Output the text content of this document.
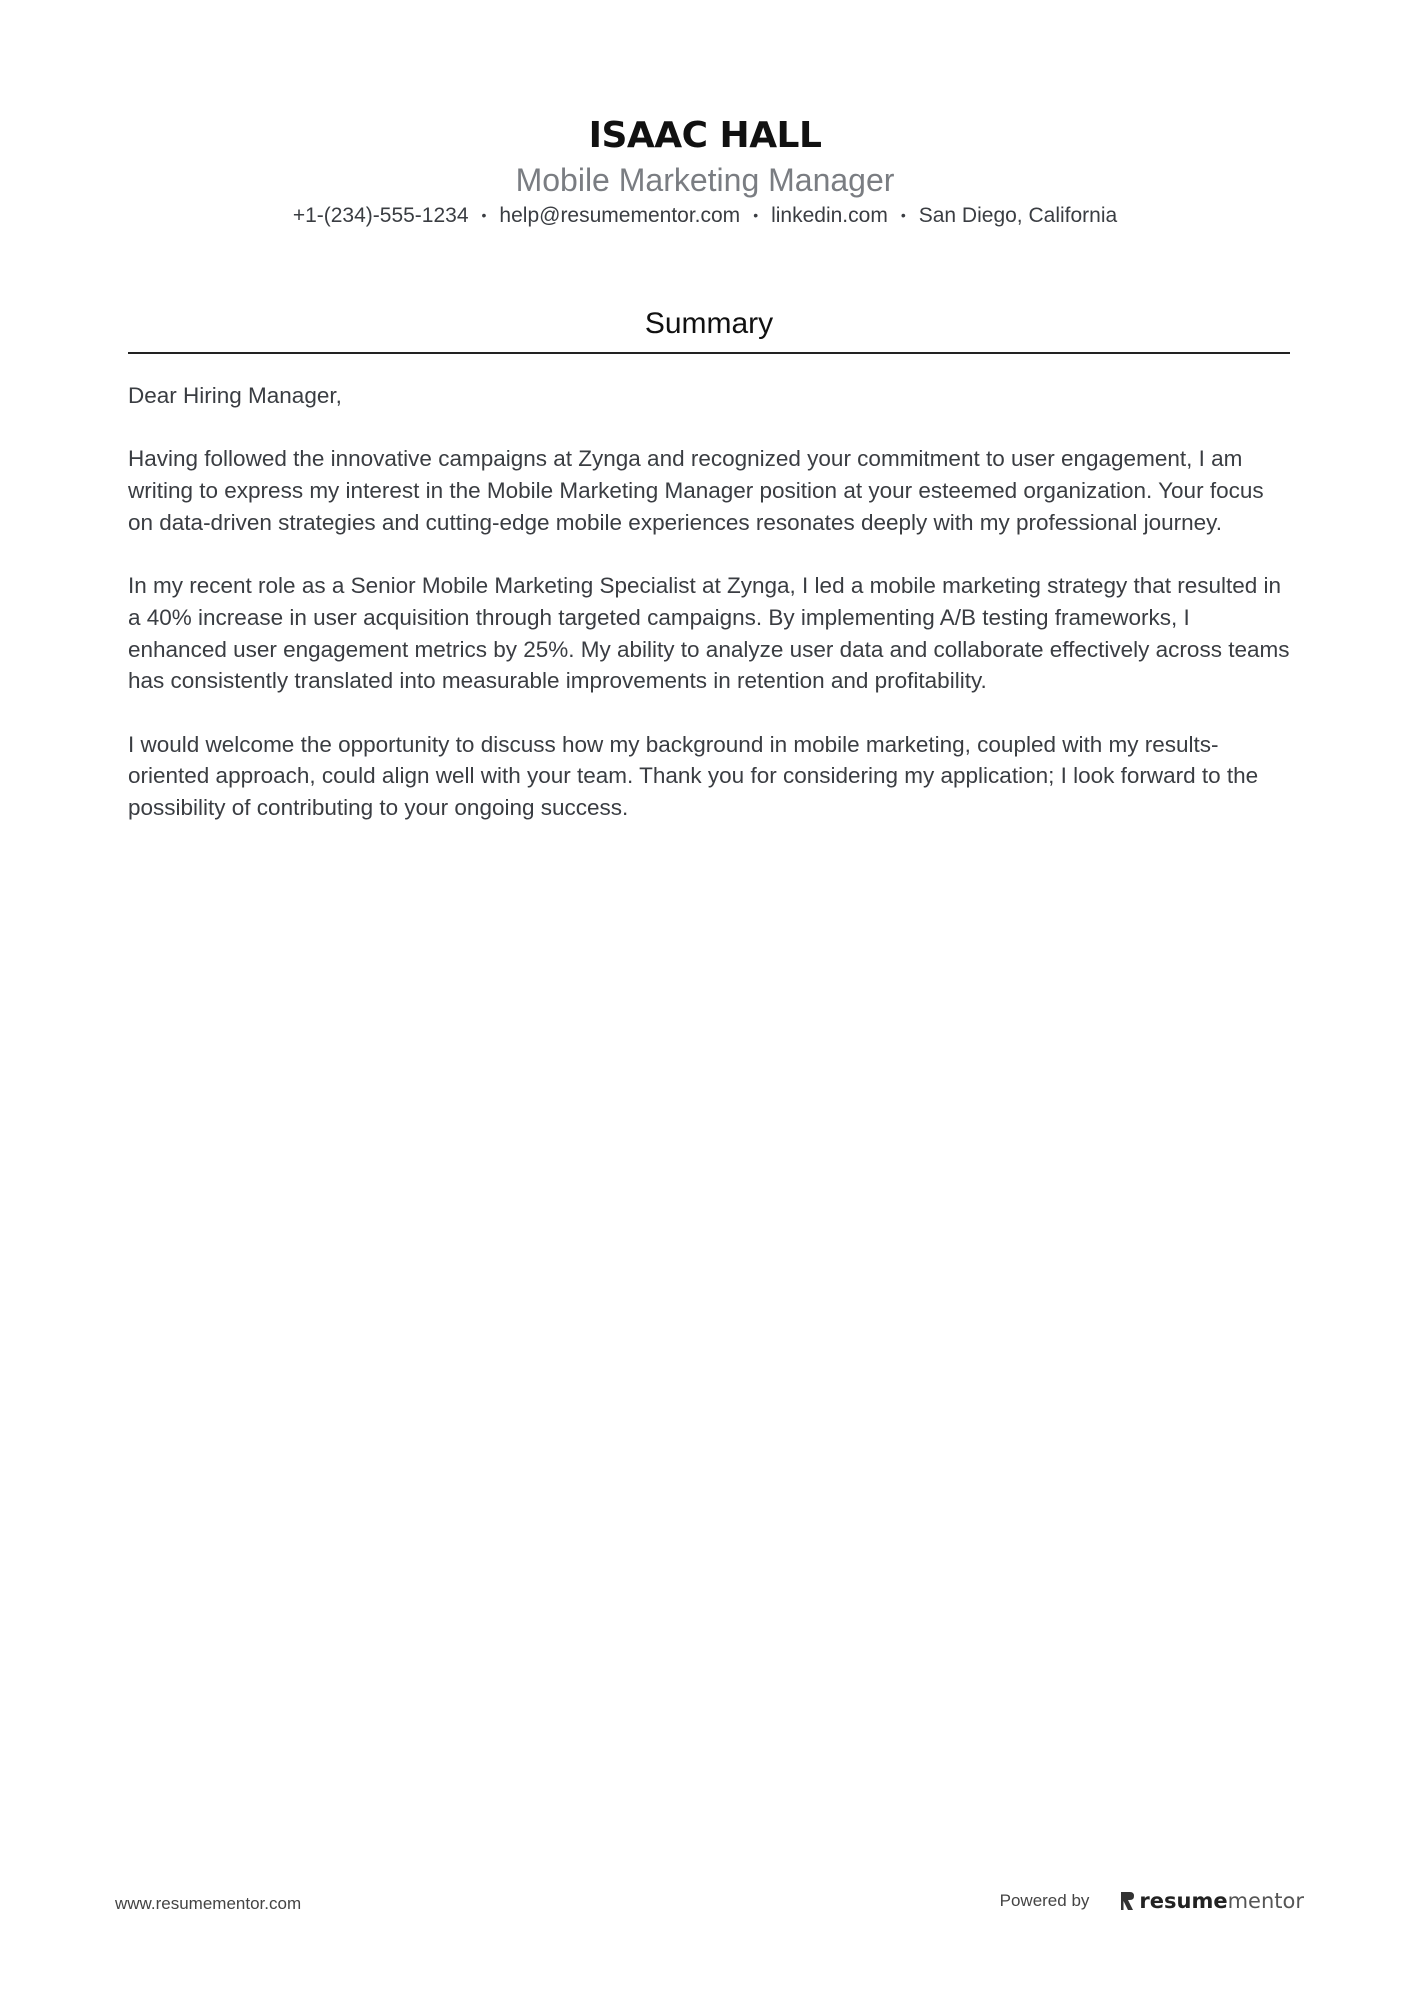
ISAAC HALL
Mobile Marketing Manager
+1-(234)-555-1234 • help@resumementor.com • linkedin.com • San Diego, California
Summary

Dear Hiring Manager,

Having followed the innovative campaigns at Zynga and recognized your commitment to user engagement, I am writing to express my interest in the Mobile Marketing Manager position at your esteemed organization. Your focus on data-driven strategies and cutting-edge mobile experiences resonates deeply with my professional journey.

In my recent role as a Senior Mobile Marketing Specialist at Zynga, I led a mobile marketing strategy that resulted in a 40% increase in user acquisition through targeted campaigns. By implementing A/B testing frameworks, I enhanced user engagement metrics by 25%. My ability to analyze user data and collaborate effectively across teams has consistently translated into measurable improvements in retention and profitability.

I would welcome the opportunity to discuss how my background in mobile marketing, coupled with my results-oriented approach, could align well with your team. Thank you for considering my application; I look forward to the possibility of contributing to your ongoing success.

www.resumementor.com	Powered by resume mentor
